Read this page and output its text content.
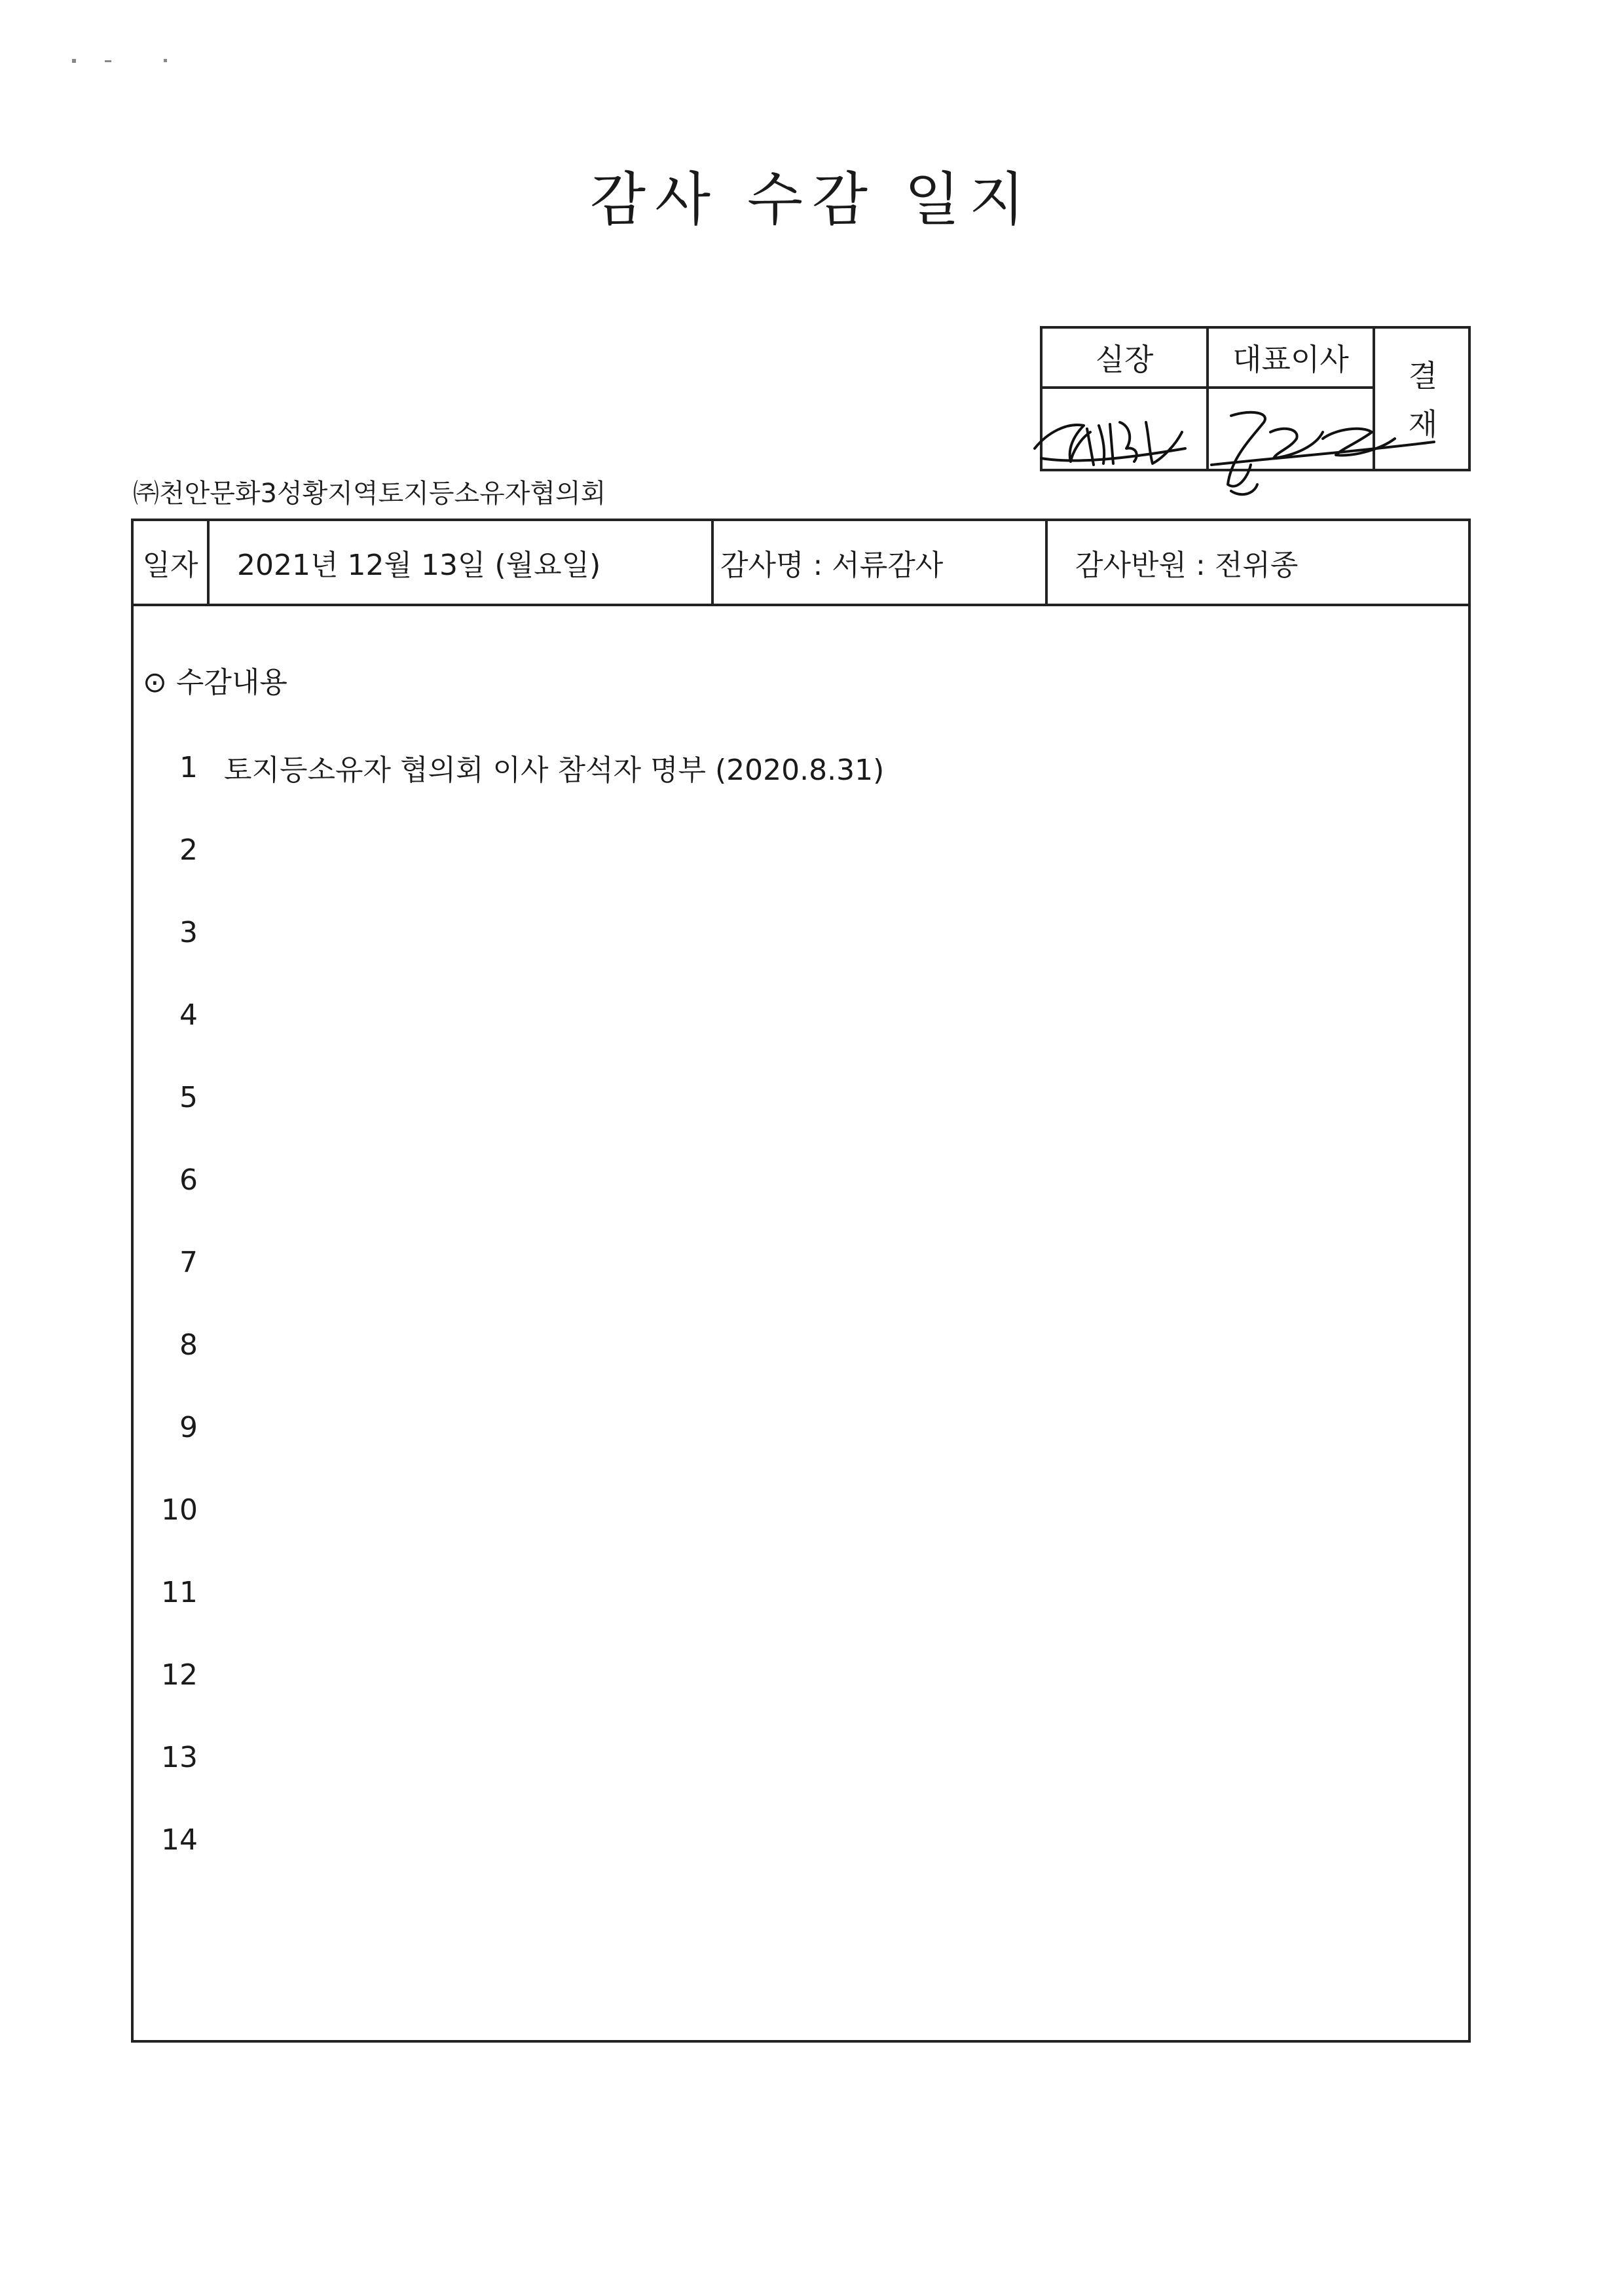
감사 수감 일지
실장	대표이사	결
재
㈜천안문화3성황지역토지등소유자협의회
일자	2021년 12월 13일 (월요일)	감사명 : 서류감사	감사반원 : 전위종
⊙ 수감내용
1 토지등소유자 협의회 이사 참석자 명부 (2020.8.31)
2
3
4
5
6
7
8
9
10
11
12
13
14
